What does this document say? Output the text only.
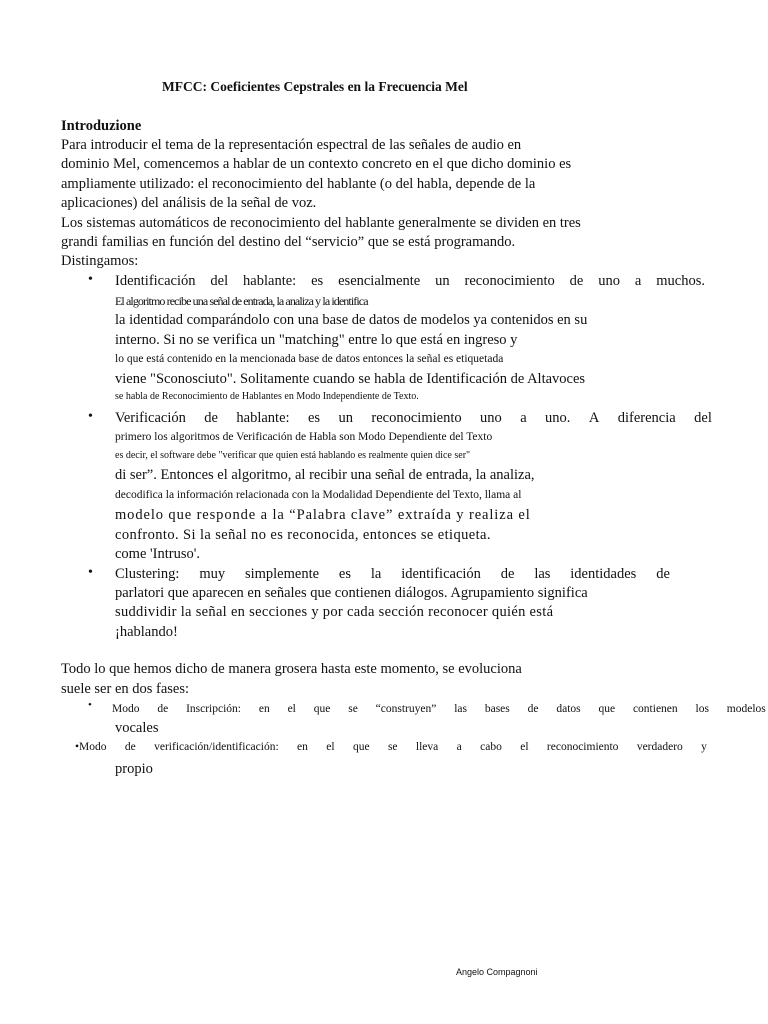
MFCC: Coeficientes Cepstrales en la Frecuencia Mel
Introduzione
Para introducir el tema de la representación espectral de las señales de audio en
dominio Mel, comencemos a hablar de un contexto concreto en el que dicho dominio es
ampliamente utilizado: el reconocimiento del hablante (o del habla, depende de la
aplicaciones) del análisis de la señal de voz.
Los sistemas automáticos de reconocimiento del hablante generalmente se dividen en tres
grandi familias en función del destino del “servicio” que se está programando.
Distingamos:
• Identificación del hablante: es esencialmente un reconocimiento de uno a muchos.
El algoritmo recibe una señal de entrada, la analiza y la identifica
la identidad comparándolo con una base de datos de modelos ya contenidos en su
interno. Si no se verifica un "matching" entre lo que está en ingreso y
lo que está contenido en la mencionada base de datos entonces la señal es etiquetada
viene "Sconosciuto". Solitamente cuando se habla de Identificación de Altavoces
se habla de Reconocimiento de Hablantes en Modo Independiente de Texto.
• Verificación de hablante: es un reconocimiento uno a uno. A diferencia del
primero los algoritmos de Verificación de Habla son Modo Dependiente del Texto
es decir, el software debe "verificar que quien está hablando es realmente quien dice ser"
di ser”. Entonces el algoritmo, al recibir una señal de entrada, la analiza,
decodifica la información relacionada con la Modalidad Dependiente del Texto, llama al
modelo que responde a la “Palabra clave” extraída y realiza el
confronto. Si la señal no es reconocida, entonces se etiqueta.
come 'Intruso'.
• Clustering: muy simplemente es la identificación de las identidades de
parlatori que aparecen en señales que contienen diálogos. Agrupamiento significa
suddividir la señal en secciones y por cada sección reconocer quién está
¡hablando!
Todo lo que hemos dicho de manera grosera hasta este momento, se evoluciona
suele ser en dos fases:
• Modo de Inscripción: en el que se “construyen” las bases de datos que contienen los modelos
vocales
•Modo de verificación/identificación: en el que se lleva a cabo el reconocimiento verdadero y
propio
Angelo Compagnoni
